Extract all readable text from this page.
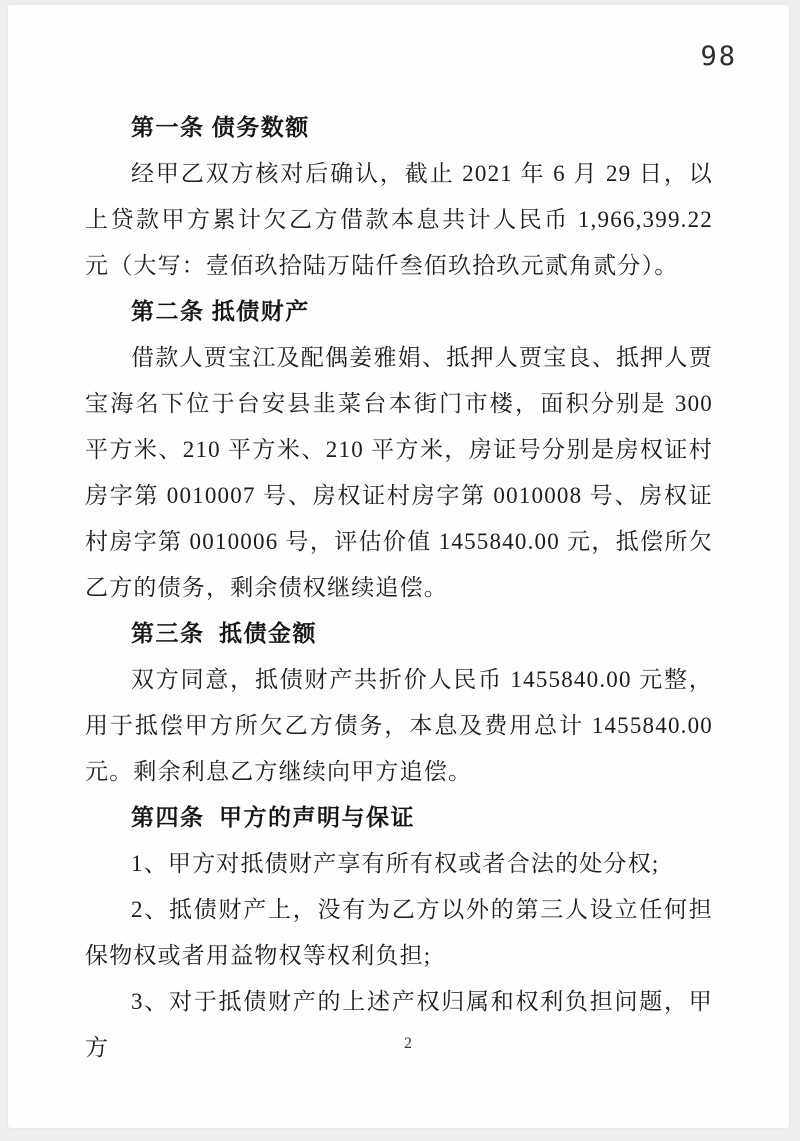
98
第一条 债务数额

经甲乙双方核对后确认，截止 2021 年 6 月 29 日，以上贷款甲方累计欠乙方借款本息共计人民币 1,966,399.22 元（大写：壹佰玖拾陆万陆仟叁佰玖拾玖元贰角贰分）。

第二条 抵债财产

借款人贾宝江及配偶姜雅娟、抵押人贾宝良、抵押人贾宝海名下位于台安县韭菜台本街门市楼，面积分别是 300 平方米、210 平方米、210 平方米，房证号分别是房权证村房字第 0010007 号、房权证村房字第 0010008 号、房权证村房字第 0010006 号，评估价值 1455840.00 元，抵偿所欠乙方的债务，剩余债权继续追偿。

第三条  抵债金额

双方同意，抵债财产共折价人民币 1455840.00 元整，用于抵偿甲方所欠乙方债务，本息及费用总计 1455840.00 元。剩余利息乙方继续向甲方追偿。

第四条  甲方的声明与保证

1、甲方对抵债财产享有所有权或者合法的处分权;

2、抵债财产上，没有为乙方以外的第三人设立任何担保物权或者用益物权等权利负担;

3、对于抵债财产的上述产权归属和权利负担问题，甲方	2
